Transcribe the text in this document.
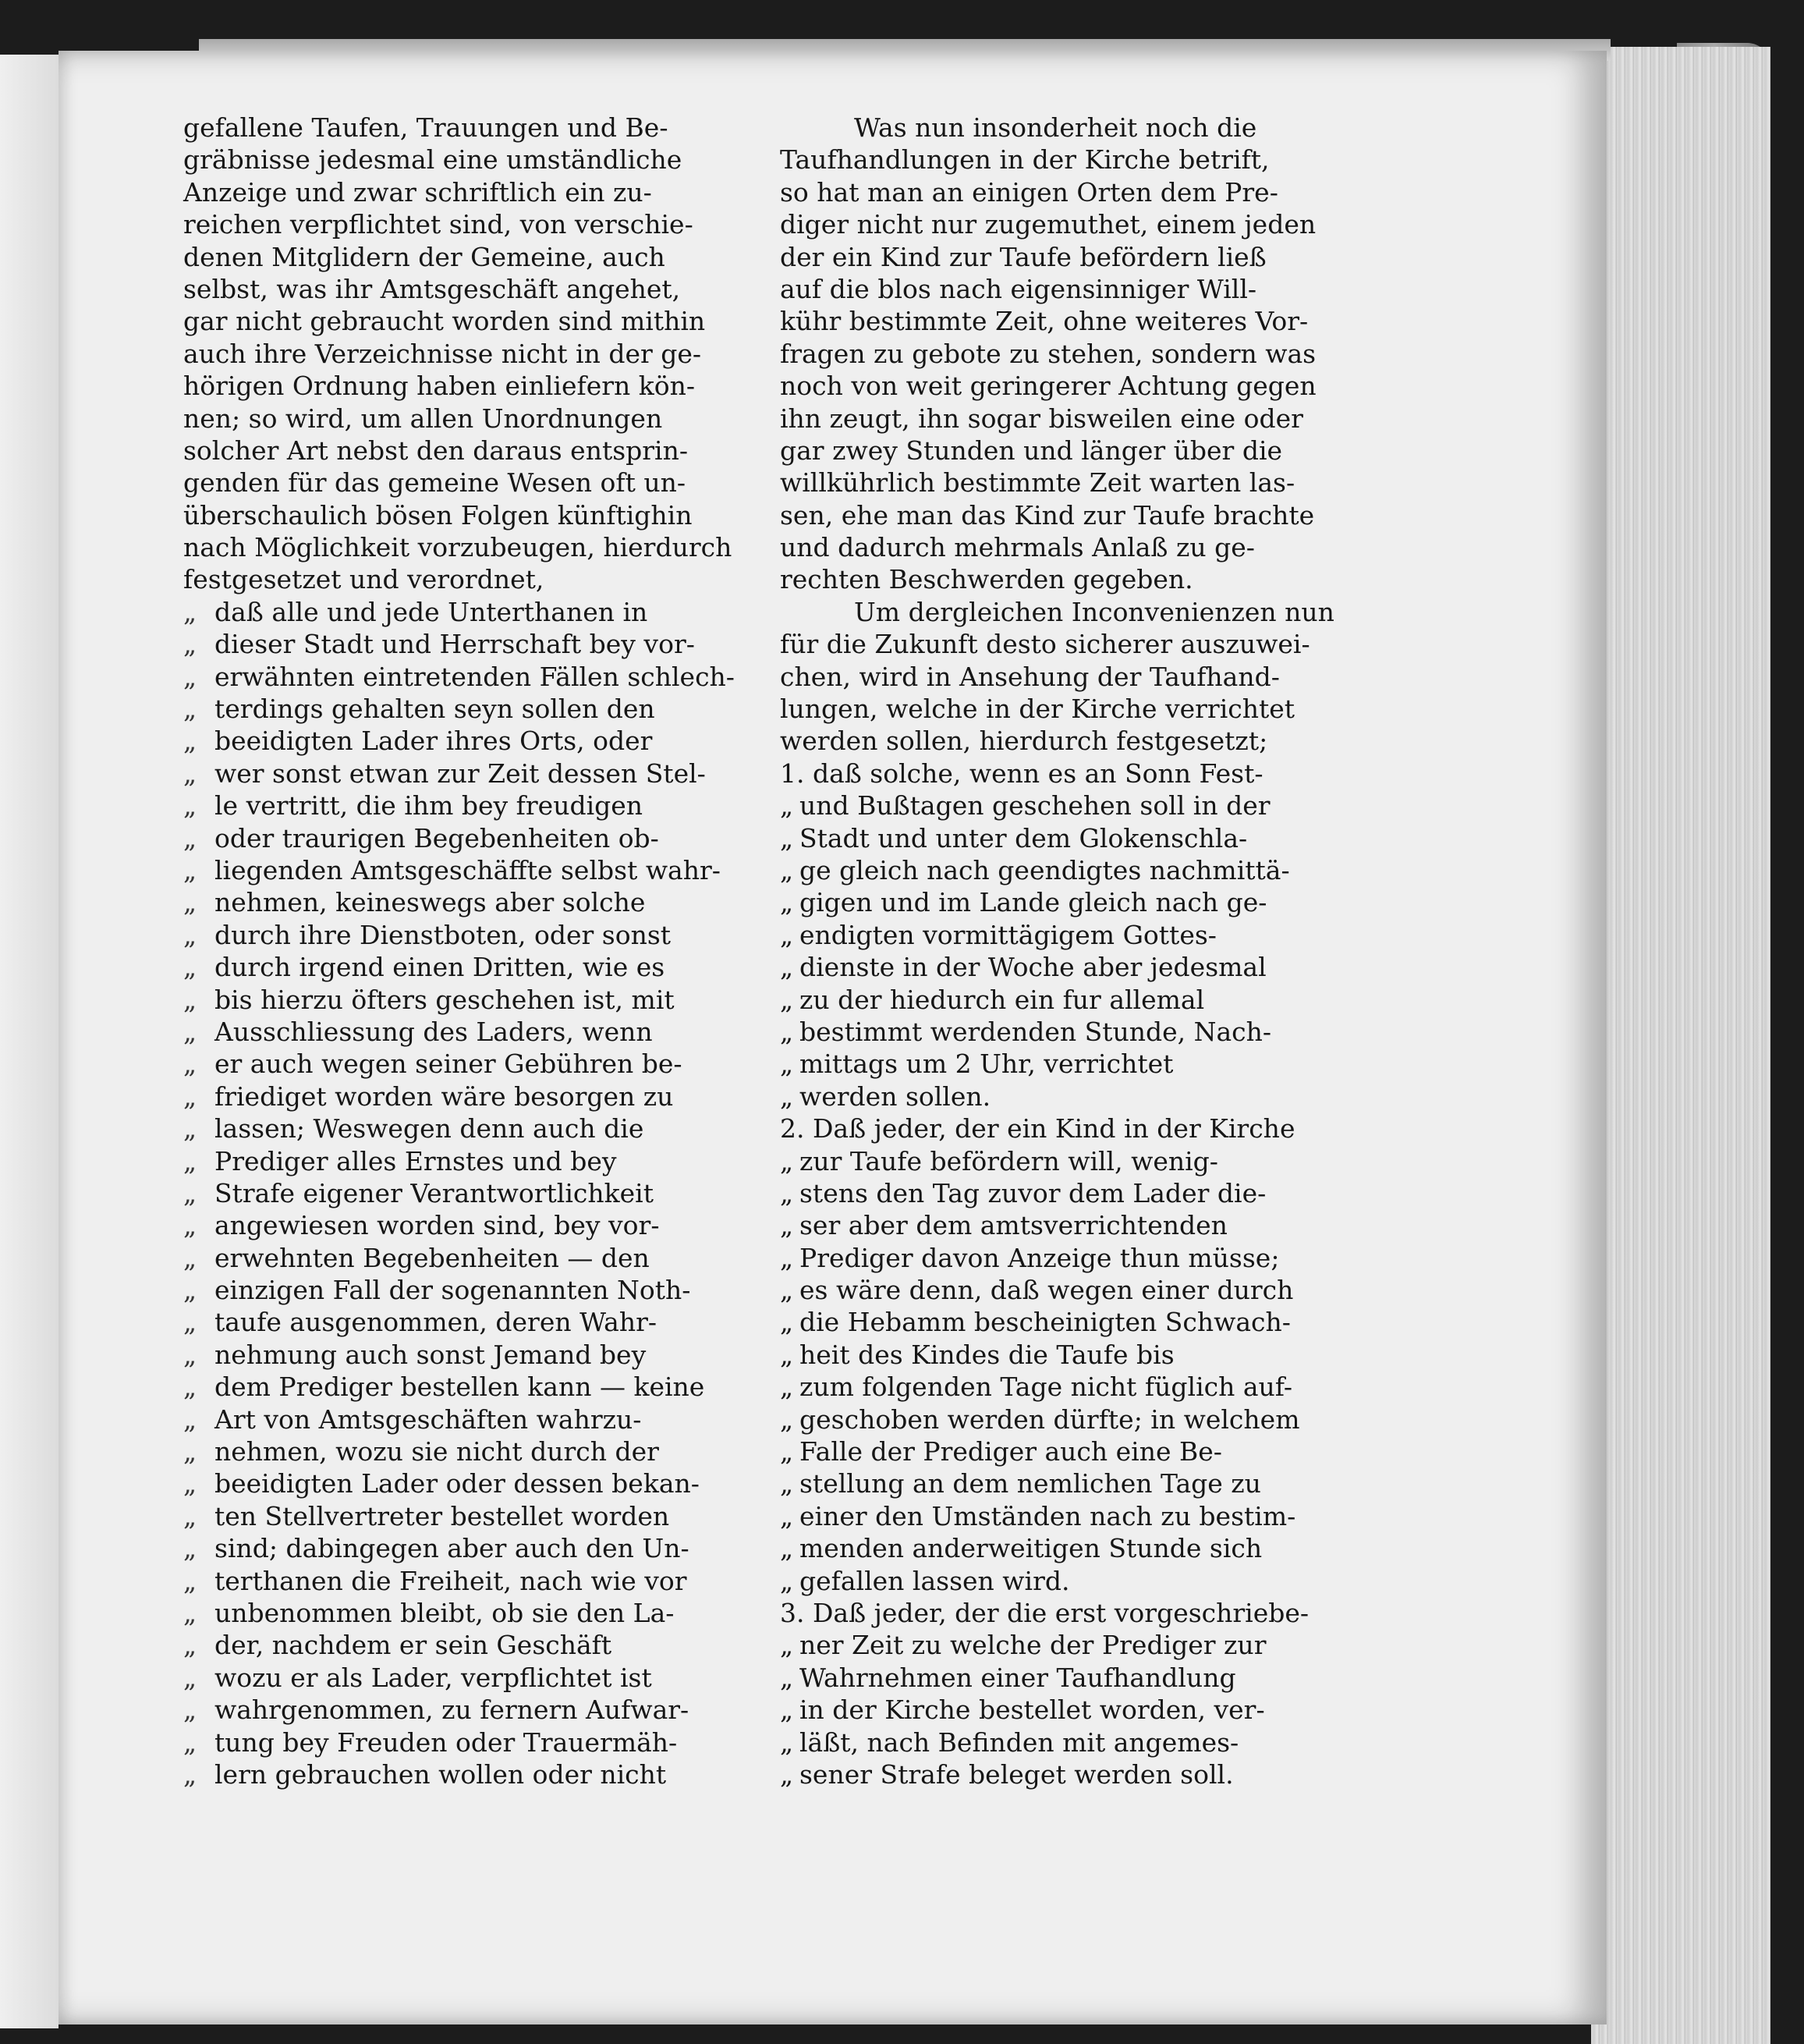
gefallene Taufen, Trauungen und Be-
gräbnisse jedesmal eine umständliche
Anzeige und zwar schriftlich ein zu-
reichen verpflichtet sind, von verschie-
denen Mitglidern der Gemeine, auch
selbst, was ihr Amtsgeschäft angehet,
gar nicht gebraucht worden sind mithin
auch ihre Verzeichnisse nicht in der ge-
hörigen Ordnung haben einliefern kön-
nen; so wird, um allen Unordnungen
solcher Art nebst den daraus entsprin-
genden für das gemeine Wesen oft un-
überschaulich bösen Folgen künftighin
nach Möglichkeit vorzubeugen, hierdurch
festgesetzet und verordnet,
„ daß alle und jede Unterthanen in
„ dieser Stadt und Herrschaft bey vor-
„ erwähnten eintretenden Fällen schlech-
„ terdings gehalten seyn sollen den
„ beeidigten Lader ihres Orts, oder
„ wer sonst etwan zur Zeit dessen Stel-
„ le vertritt, die ihm bey freudigen
„ oder traurigen Begebenheiten ob-
„ liegenden Amtsgeschäffte selbst wahr-
„ nehmen, keineswegs aber solche
„ durch ihre Dienstboten, oder sonst
„ durch irgend einen Dritten, wie es
„ bis hierzu öfters geschehen ist, mit
„ Ausschliessung des Laders, wenn
„ er auch wegen seiner Gebühren be-
„ friediget worden wäre besorgen zu
„ lassen; Weswegen denn auch die
„ Prediger alles Ernstes und bey
„ Strafe eigener Verantwortlichkeit
„ angewiesen worden sind, bey vor-
„ erwehnten Begebenheiten — den
„ einzigen Fall der sogenannten Noth-
„ taufe ausgenommen, deren Wahr-
„ nehmung auch sonst Jemand bey
„ dem Prediger bestellen kann — keine
„ Art von Amtsgeschäften wahrzu-
„ nehmen, wozu sie nicht durch der
„ beeidigten Lader oder dessen bekan-
„ ten Stellvertreter bestellet worden
„ sind; dabingegen aber auch den Un-
„ terthanen die Freiheit, nach wie vor
„ unbenommen bleibt, ob sie den La-
„ der, nachdem er sein Geschäft
„ wozu er als Lader, verpflichtet ist
„ wahrgenommen, zu fernern Aufwar-
„ tung bey Freuden oder Trauermäh-
„ lern gebrauchen wollen oder nicht
Was nun insonderheit noch die
Taufhandlungen in der Kirche betrift,
so hat man an einigen Orten dem Pre-
diger nicht nur zugemuthet, einem jeden
der ein Kind zur Taufe befördern ließ
auf die blos nach eigensinniger Will-
kühr bestimmte Zeit, ohne weiteres Vor-
fragen zu gebote zu stehen, sondern was
noch von weit geringerer Achtung gegen
ihn zeugt, ihn sogar bisweilen eine oder
gar zwey Stunden und länger über die
willkührlich bestimmte Zeit warten las-
sen, ehe man das Kind zur Taufe brachte
und dadurch mehrmals Anlaß zu ge-
rechten Beschwerden gegeben.
Um dergleichen Inconvenienzen nun
für die Zukunft desto sicherer auszuwei-
chen, wird in Ansehung der Taufhand-
lungen, welche in der Kirche verrichtet
werden sollen, hierdurch festgesetzt;
1. daß solche, wenn es an Sonn Fest-
„ und Bußtagen geschehen soll in der
„ Stadt und unter dem Glokenschla-
„ ge gleich nach geendigtes nachmittä-
„ gigen und im Lande gleich nach ge-
„ endigten vormittägigem Gottes-
„ dienste in der Woche aber jedesmal
„ zu der hiedurch ein fur allemal
„ bestimmt werdenden Stunde, Nach-
„ mittags um 2 Uhr, verrichtet
„ werden sollen.
2. Daß jeder, der ein Kind in der Kirche
„ zur Taufe befördern will, wenig-
„ stens den Tag zuvor dem Lader die-
„ ser aber dem amtsverrichtenden
„ Prediger davon Anzeige thun müsse;
„ es wäre denn, daß wegen einer durch
„ die Hebamm bescheinigten Schwach-
„ heit des Kindes die Taufe bis
„ zum folgenden Tage nicht füglich auf-
„ geschoben werden dürfte; in welchem
„ Falle der Prediger auch eine Be-
„ stellung an dem nemlichen Tage zu
„ einer den Umständen nach zu bestim-
„ menden anderweitigen Stunde sich
„ gefallen lassen wird.
3. Daß jeder, der die erst vorgeschriebe-
„ ner Zeit zu welche der Prediger zur
„ Wahrnehmen einer Taufhandlung
„ in der Kirche bestellet worden, ver-
„ läßt, nach Befinden mit angemes-
„ sener Strafe beleget werden soll.
